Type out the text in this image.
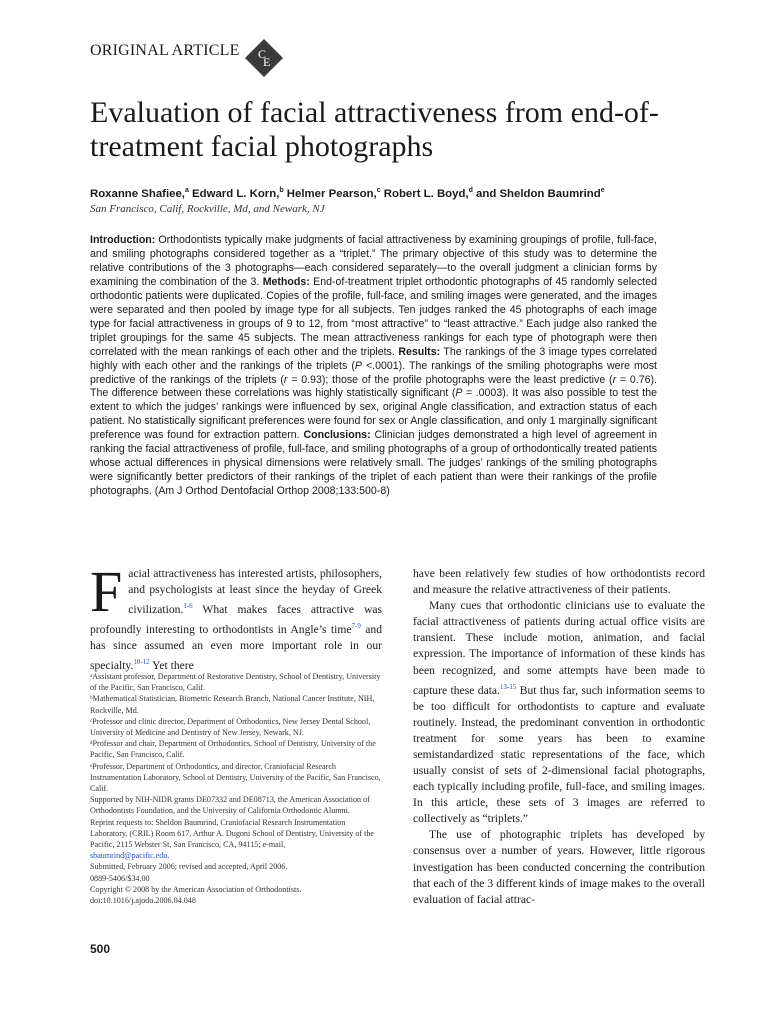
ORIGINAL ARTICLE C
E
Evaluation of facial attractiveness from end-of-treatment facial photographs
Roxanne Shafiee,$^a$ Edward L. Korn,$^b$ Helmer Pearson,$^c$ Robert L. Boyd,$^d$ and Sheldon Baumrind$^e$
San Francisco, Calif, Rockville, Md, and Newark, NJ
Introduction: Orthodontists typically make judgments of facial attractiveness by examining groupings of profile, full-face, and smiling photographs considered together as a “triplet.” The primary objective of this study was to determine the relative contributions of the 3 photographs—each considered separately—to the overall judgment a clinician forms by examining the combination of the 3. Methods: End-of-treatment triplet orthodontic photographs of 45 randomly selected orthodontic patients were duplicated. Copies of the profile, full-face, and smiling images were generated, and the images were separated and then pooled by image type for all subjects. Ten judges ranked the 45 photographs of each image type for facial attractiveness in groups of 9 to 12, from “most attractive” to “least attractive.” Each judge also ranked the triplet groupings for the same 45 subjects. The mean attractiveness rankings for each type of photograph were then correlated with the mean rankings of each other and the triplets. Results: The rankings of the 3 image types correlated highly with each other and the rankings of the triplets (P <.0001). The rankings of the smiling photographs were most predictive of the rankings of the triplets (r = 0.93); those of the profile photographs were the least predictive (r = 0.76). The difference between these correlations was highly statistically significant (P = .0003). It was also possible to test the extent to which the judges’ rankings were influenced by sex, original Angle classification, and extraction status of each patient. No statistically significant preferences were found for sex or Angle classification, and only 1 marginally significant preference was found for extraction pattern. Conclusions: Clinician judges demonstrated a high level of agreement in ranking the facial attractiveness of profile, full-face, and smiling photographs of a group of orthodontically treated patients whose actual differences in physical dimensions were relatively small. The judges’ rankings of the smiling photographs were significantly better predictors of their rankings of the triplet of each patient than were their rankings of the profile photographs. (Am J Orthod Dentofacial Orthop 2008;133:500-8)
Facial attractiveness has interested artists, philosophers, and psychologists at least since the heyday of Greek civilization.$^{1-6}$ What makes faces attractive was profoundly interesting to orthodontists in Angle’s time$^{7-9}$ and has since assumed an even more important role in our specialty.$^{10-12}$ Yet there
ᵃAssistant professor, Department of Restorative Dentistry, School of Dentistry, University of the Pacific, San Francisco, Calif.
ᵇMathematical Statistician, Biometric Research Branch, National Cancer Institute, NIH, Rockville, Md.
ᶜProfessor and clinic director, Department of Orthodontics, New Jersey Dental School, University of Medicine and Dentistry of New Jersey, Newark, NJ.
ᵈProfessor and chair, Department of Orthodontics, School of Dentistry, University of the Pacific, San Francisco, Calif.
ᵉProfessor, Department of Orthodontics, and director, Craniofacial Research Instrumentation Laboratory, School of Dentistry, University of the Pacific, San Francisco, Calif.
Supported by NIH-NIDR grants DE07332 and DE08713, the American Association of Orthodontists Foundation, and the University of California Orthodontic Alumni.
Reprint requests to: Sheldon Baumrind, Craniofacial Research Instrumentation Laboratory, (CRIL) Room 617, Arthur A. Dugoni School of Dentistry, University of the Pacific, 2115 Webster St, San Francisco, CA, 94115; e-mail,
sbaumrind@pacific.edu.
Submitted, February 2006; revised and accepted, April 2006.
0889-5406/$34.00
Copyright © 2008 by the American Association of Orthodontists.
doi:10.1016/j.ajodo.2006.04.048

have been relatively few studies of how orthodontists record and measure the relative attractiveness of their patients.

Many cues that orthodontic clinicians use to evaluate the facial attractiveness of patients during actual office visits are transient. These include motion, animation, and facial expression. The importance of information of these kinds has been recognized, and some attempts have been made to capture these data.$^{13-15}$ But thus far, such information seems to be too difficult for orthodontists to capture and evaluate routinely. Instead, the predominant convention in orthodontic treatment for some years has been to examine semistandardized static representations of the face, which usually consist of sets of 2-dimensional facial photographs, each typically including profile, full-face, and smiling images. In this article, these sets of 3 images are referred to collectively as “triplets.”

The use of photographic triplets has developed by consensus over a number of years. However, little rigorous investigation has been conducted concerning the contribution that each of the 3 different kinds of image makes to the overall evaluation of facial attrac-

500
